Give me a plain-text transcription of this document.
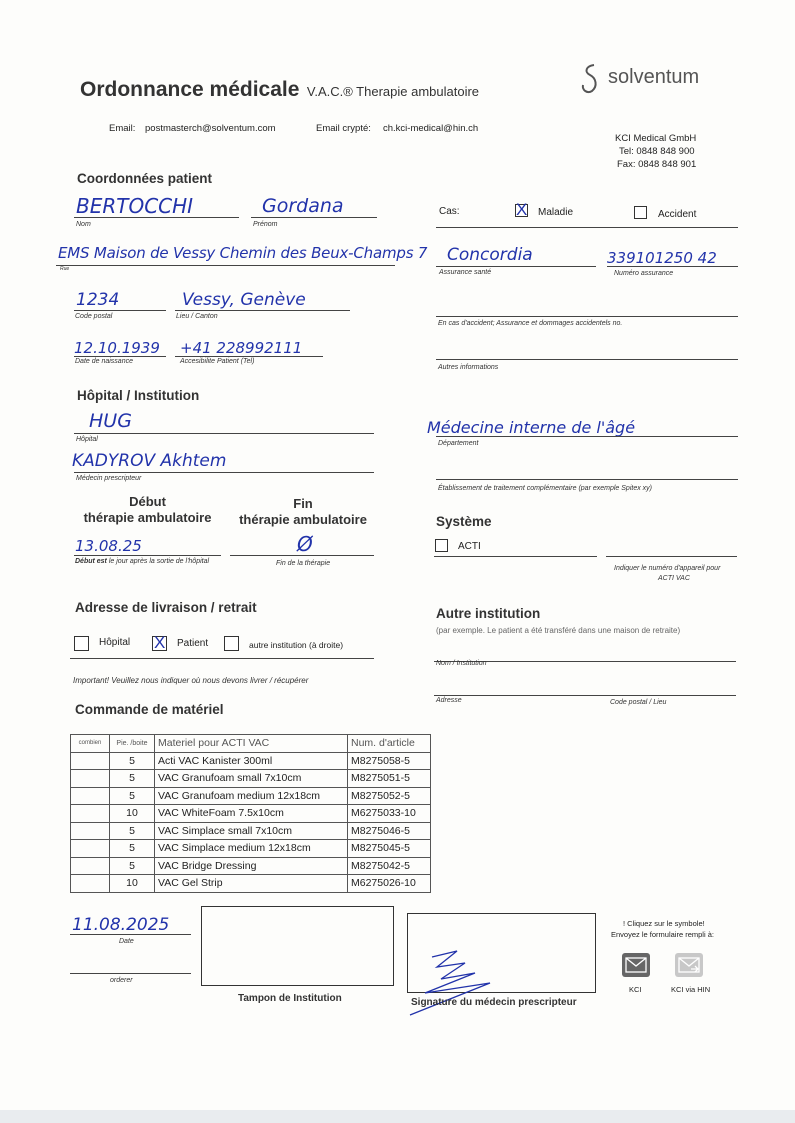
Ordonnance médicale V.A.C.® Therapie ambulatoire
solventum
Email: postmasterch@solventum.com	Email crypté: ch.kci-medical@hin.ch
KCI Medical GmbH
Tel: 0848 848 900
Fax: 0848 848 901
Coordonnées patient
BERTOCCHI
Nom
Gordana
Prénom
EMS Maison de Vessy Chemin des Beux-Champs 7
Rue
1234
Code postal
Vessy, Genève
Lieu / Canton
12.10.1939
Date de naissance
+41 228992111
Accesibilite Patient (Tel)
Cas:	X Maladie	Accident
Concordia
Assurance santé
339101250 42
Numéro assurance
En cas d'accident; Assurance et dommages accidentels no.
Autres informations
Hôpital / Institution
HUG
Hôpital
Médecine interne de l'âgé
Département
KADYROV Akhtem
Médecin prescripteur
Établissement de traitement complémentaire (par exemple Spitex xy)
Début
thérapie ambulatoire
Fin
thérapie ambulatoire
13.08.25
Début est le jour après la sortie de l'hôpital
Ø
Fin de la thérapie
Système
ACTI
Indiquer le numéro d'appareil pour
ACTI VAC
Adresse de livraison / retrait
Hôpital X Patient	autre institution (à droite)
Important! Veuillez nous indiquer où nous devons livrer / récupérer
Autre institution
(par exemple. Le patient a été transféré dans une maison de retraite)
Nom / Institution
Adresse	Code postal / Lieu
Commande de matériel
combien	Pie. /boite	Materiel pour ACTI VAC	Num. d'article
	5	Acti VAC Kanister 300ml	M8275058-5
	5	VAC Granufoam small 7x10cm	M8275051-5
	5	VAC Granufoam medium 12x18cm	M8275052-5
	10	VAC WhiteFoam 7.5x10cm	M6275033-10
	5	VAC Simplace small 7x10cm	M8275046-5
	5	VAC Simplace medium 12x18cm	M8275045-5
	5	VAC Bridge Dressing	M8275042-5
	10	VAC Gel Strip	M6275026-10
11.08.2025
Date
orderer
Tampon de Institution	Signature du médecin prescripteur
! Cliquez sur le symbole!
Envoyez le formulaire rempli à:
KCI	KCI via HIN
